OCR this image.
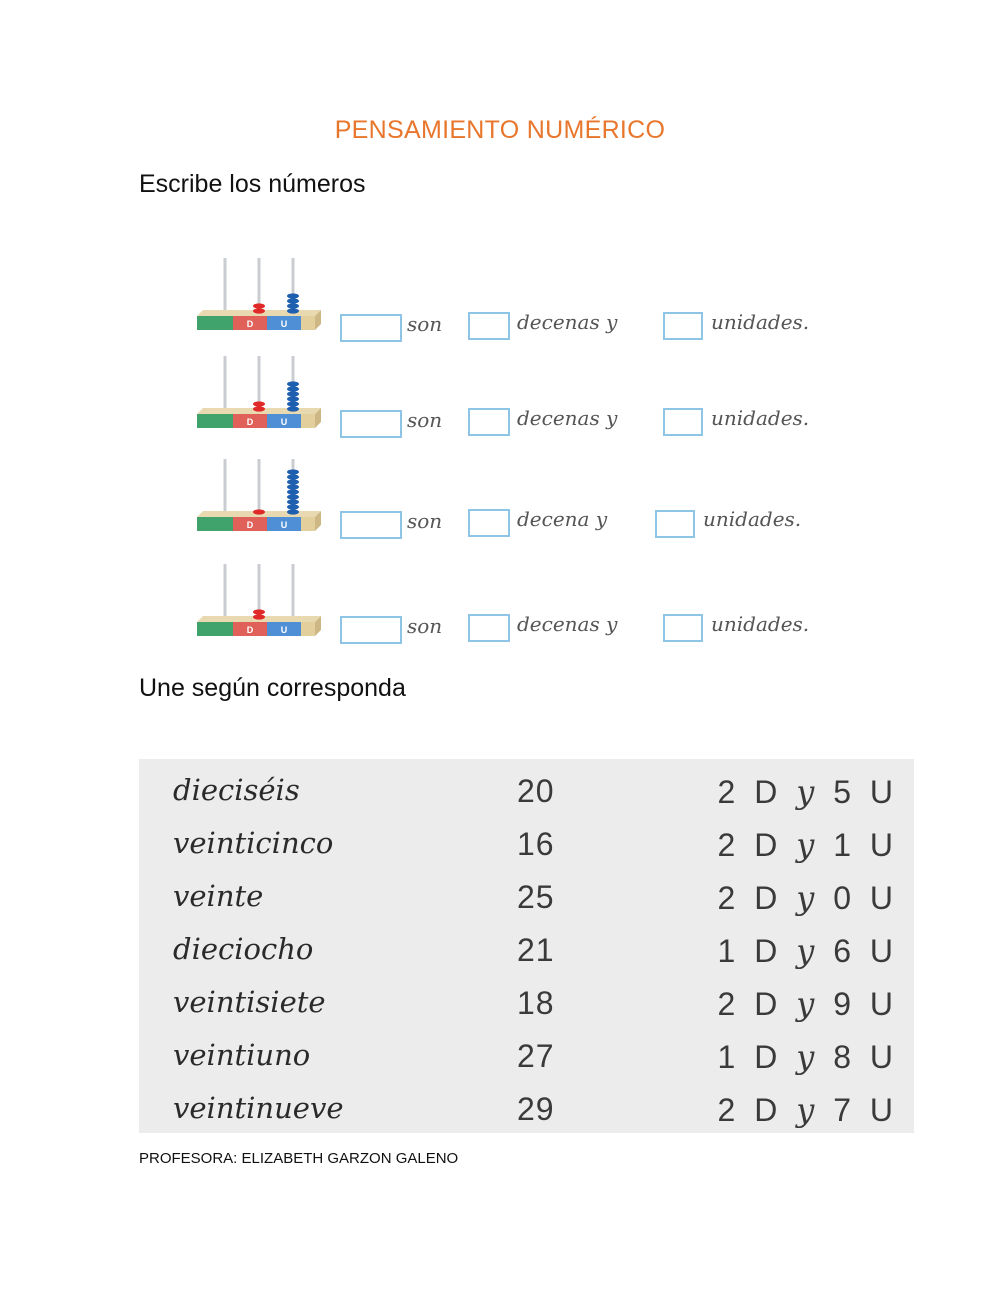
PENSAMIENTO NUMÉRICO
Escribe los números
D	U	son	decenas y	unidades.
D	U	son	decenas y	unidades.
D	U	son	decena y	unidades.
D	U	son	decenas y	unidades.
Une según corresponda
dieciséis	20	2 D y 5 U
veinticinco	16	2 D y 1 U
veinte	25	2 D y 0 U
dieciocho	21	1 D y 6 U
veintisiete	18	2 D y 9 U
veintiuno	27	1 D y 8 U
veintinueve	29	2 D y 7 U
PROFESORA: ELIZABETH GARZON GALENO
